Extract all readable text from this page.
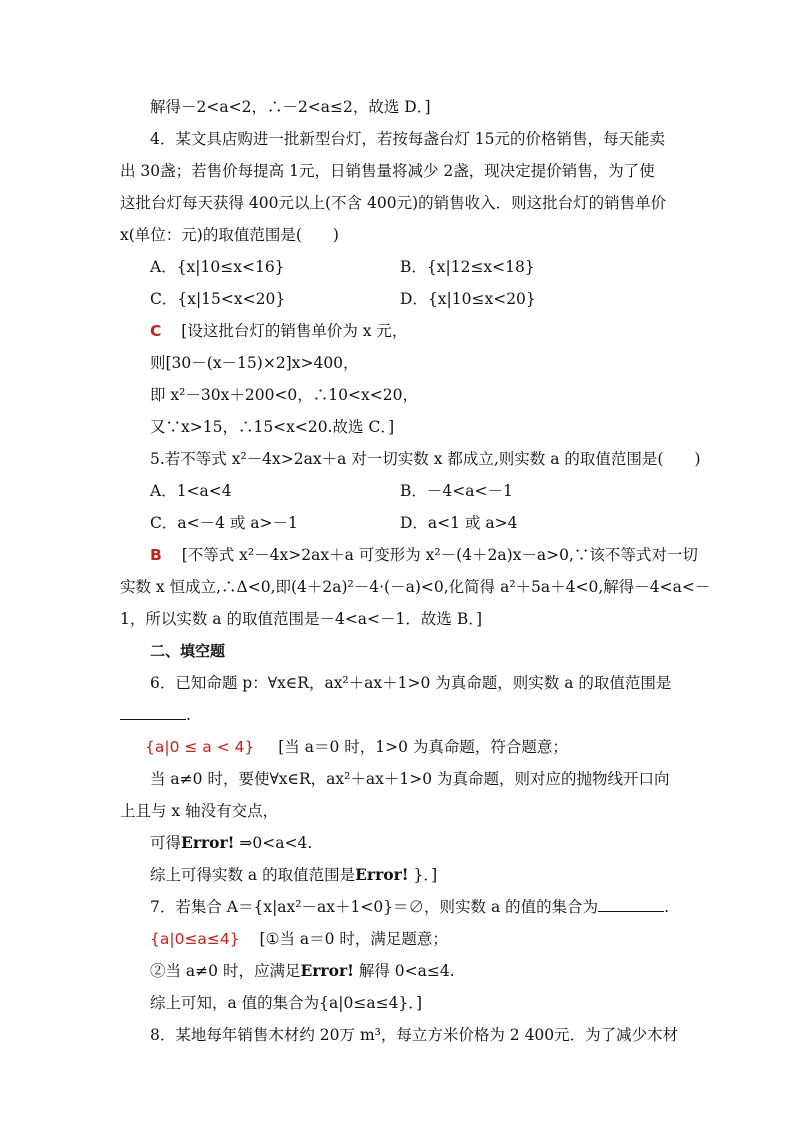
解得－2<a<2，∴－2<a≤2，故选 D．]
4．某文具店购进一批新型台灯，若按每盏台灯 15元的价格销售，每天能卖
出 30盏；若售价每提高 1元，日销售量将减少 2盏，现决定提价销售，为了使
这批台灯每天获得 400元以上(不含 400元)的销售收入．则这批台灯的销售单价
x(单位：元)的取值范围是(　　)
A．{x|10≤x<16}	B．{x|12≤x<18}
C．{x|15<x<20}	D．{x|10≤x<20}
C [设这批台灯的销售单价为 x 元，
则[30－(x－15)×2]x>400，
即 x²－30x＋200<0，∴10<x<20，
又∵x>15，∴15<x<20.故选 C．]
5.若不等式 x²－4x>2ax＋a 对一切实数 x 都成立,则实数 a 的取值范围是(　　)
A．1<a<4	B．－4<a<－1
C．a<－4 或 a>－1	D．a<1 或 a>4
B [不等式 x²－4x>2ax＋a 可变形为 x²－(4＋2a)x－a>0,∵该不等式对一切
实数 x 恒成立,∴Δ<0,即(4＋2a)²－4·(－a)<0,化简得 a²＋5a＋4<0,解得－4<a<－
1，所以实数 a 的取值范围是－4<a<－1．故选 B．]
二、填空题
6．已知命题 p：∀x∈R，ax²＋ax＋1>0 为真命题，则实数 a 的取值范围是
.
{a|0 ≤ a < 4} [当 a＝0 时，1>0 为真命题，符合题意；
当 a≠0 时，要使∀x∈R，ax²＋ax＋1>0 为真命题，则对应的抛物线开口向
上且与 x 轴没有交点，
可得Error! ⇒0<a<4.
综上可得实数 a 的取值范围是Error! }．]
7．若集合 A＝{x|ax²－ax＋1<0}＝∅，则实数 a 的值的集合为	.
{a|0≤a≤4} [①当 a＝0 时，满足题意；
②当 a≠0 时，应满足Error! 解得 0<a≤4.
综上可知，a 值的集合为{a|0≤a≤4}．]
8．某地每年销售木材约 20万 m³，每立方米价格为 2 400元．为了减少木材
